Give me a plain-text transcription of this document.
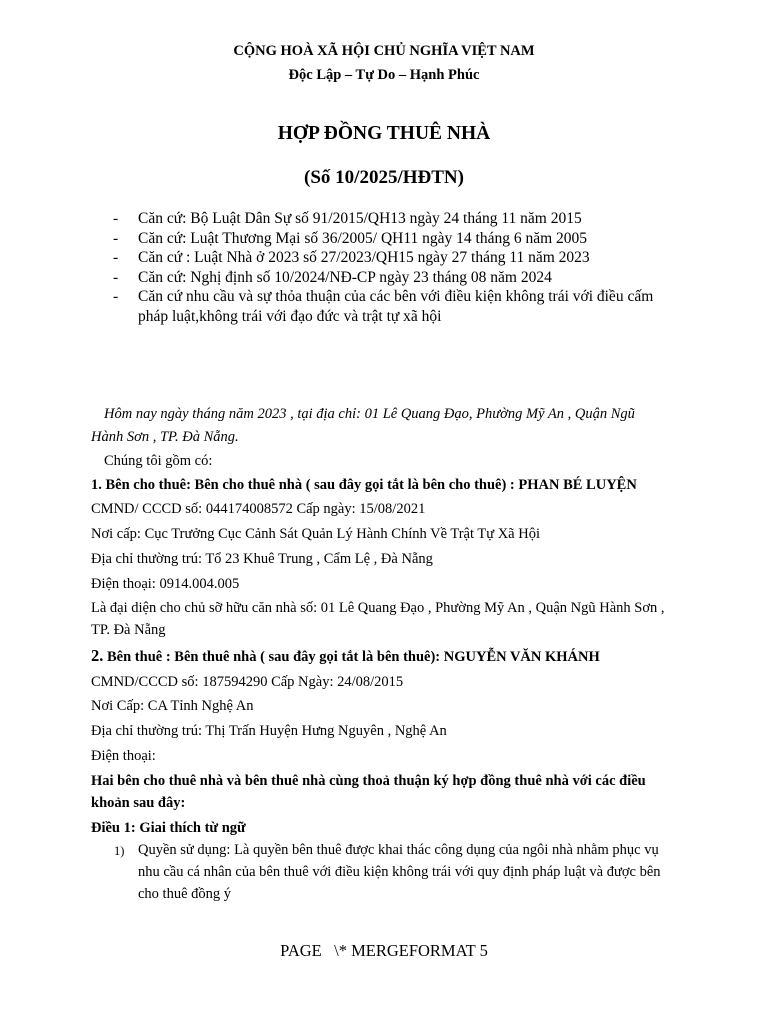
CỘNG HOÀ XÃ HỘI CHỦ NGHĨA VIỆT NAM
Độc Lập – Tự Do – Hạnh Phúc
HỢP ĐỒNG THUÊ NHÀ
(Số 10/2025/HĐTN)
- Căn cứ: Bộ Luật Dân Sự số 91/2015/QH13 ngày 24 tháng 11 năm 2015
- Căn cứ: Luật Thương Mại số 36/2005/ QH11 ngày 14 tháng 6 năm 2005
- Căn cứ : Luật Nhà ở 2023 số 27/2023/QH15 ngày 27 tháng 11 năm 2023
- Căn cứ: Nghị định số 10/2024/NĐ-CP ngày 23 tháng 08 năm 2024
- Căn cứ nhu cầu và sự thỏa thuận của các bên với điều kiện không trái với điều cấm
pháp luật,không trái với đạo đức và trật tự xã hội
Hôm nay ngày tháng năm 2023 , tại địa chỉ: 01 Lê Quang Đạo, Phường Mỹ An , Quận Ngũ
Hành Sơn , TP. Đà Nẵng.
Chúng tôi gồm có:
1. Bên cho thuê: Bên cho thuê nhà ( sau đây gọi tắt là bên cho thuê) : PHAN BÉ LUYỆN
CMND/ CCCD số: 044174008572 Cấp ngày: 15/08/2021
Nơi cấp: Cục Trưởng Cục Cảnh Sát Quản Lý Hành Chính Về Trật Tự Xã Hội
Địa chỉ thường trú: Tổ 23 Khuê Trung , Cẩm Lệ , Đà Nẵng
Điện thoại: 0914.004.005
Là đại diện cho chủ sỡ hữu căn nhà số: 01 Lê Quang Đạo , Phường Mỹ An , Quận Ngũ Hành Sơn ,
TP. Đà Nẵng
2. Bên thuê : Bên thuê nhà ( sau đây gọi tắt là bên thuê): NGUYỄN VĂN KHÁNH
CMND/CCCD số: 187594290 Cấp Ngày: 24/08/2015
Nơi Cấp: CA Tỉnh Nghệ An
Địa chỉ thường trú: Thị Trấn Huyện Hưng Nguyên , Nghệ An
Điện thoại:
Hai bên cho thuê nhà và bên thuê nhà cùng thoả thuận ký hợp đồng thuê nhà với các điều
khoản sau đây:
Điều 1: Giai thích từ ngữ
1) Quyền sử dụng: Là quyền bên thuê được khai thác công dụng của ngôi nhà nhằm phục vụ
nhu cầu cá nhân của bên thuê với điều kiện không trái với quy định pháp luật và được bên
cho thuê đồng ý
PAGE   \* MERGEFORMAT 5
